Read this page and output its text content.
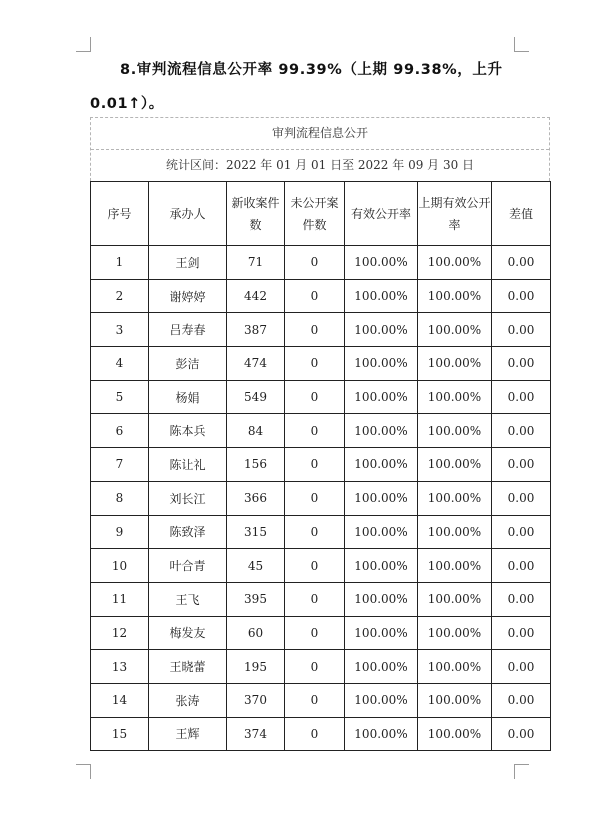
8.审判流程信息公开率 99.39%（上期 99.38%，上升
0.01↑）。
审判流程信息公开
统计区间：2022 年 01 月 01 日至 2022 年 09 月 30 日
序号	承办人	新收案件数	未公开案件数	有效公开率	上期有效公开率	差值
1	王剑	71	0	100.00%	100.00%	0.00
2	谢婷婷	442	0	100.00%	100.00%	0.00
3	吕寿春	387	0	100.00%	100.00%	0.00
4	彭洁	474	0	100.00%	100.00%	0.00
5	杨娟	549	0	100.00%	100.00%	0.00
6	陈本兵	84	0	100.00%	100.00%	0.00
7	陈让礼	156	0	100.00%	100.00%	0.00
8	刘长江	366	0	100.00%	100.00%	0.00
9	陈致泽	315	0	100.00%	100.00%	0.00
10	叶合青	45	0	100.00%	100.00%	0.00
11	王飞	395	0	100.00%	100.00%	0.00
12	梅发友	60	0	100.00%	100.00%	0.00
13	王晓蕾	195	0	100.00%	100.00%	0.00
14	张涛	370	0	100.00%	100.00%	0.00
15	王辉	374	0	100.00%	100.00%	0.00
